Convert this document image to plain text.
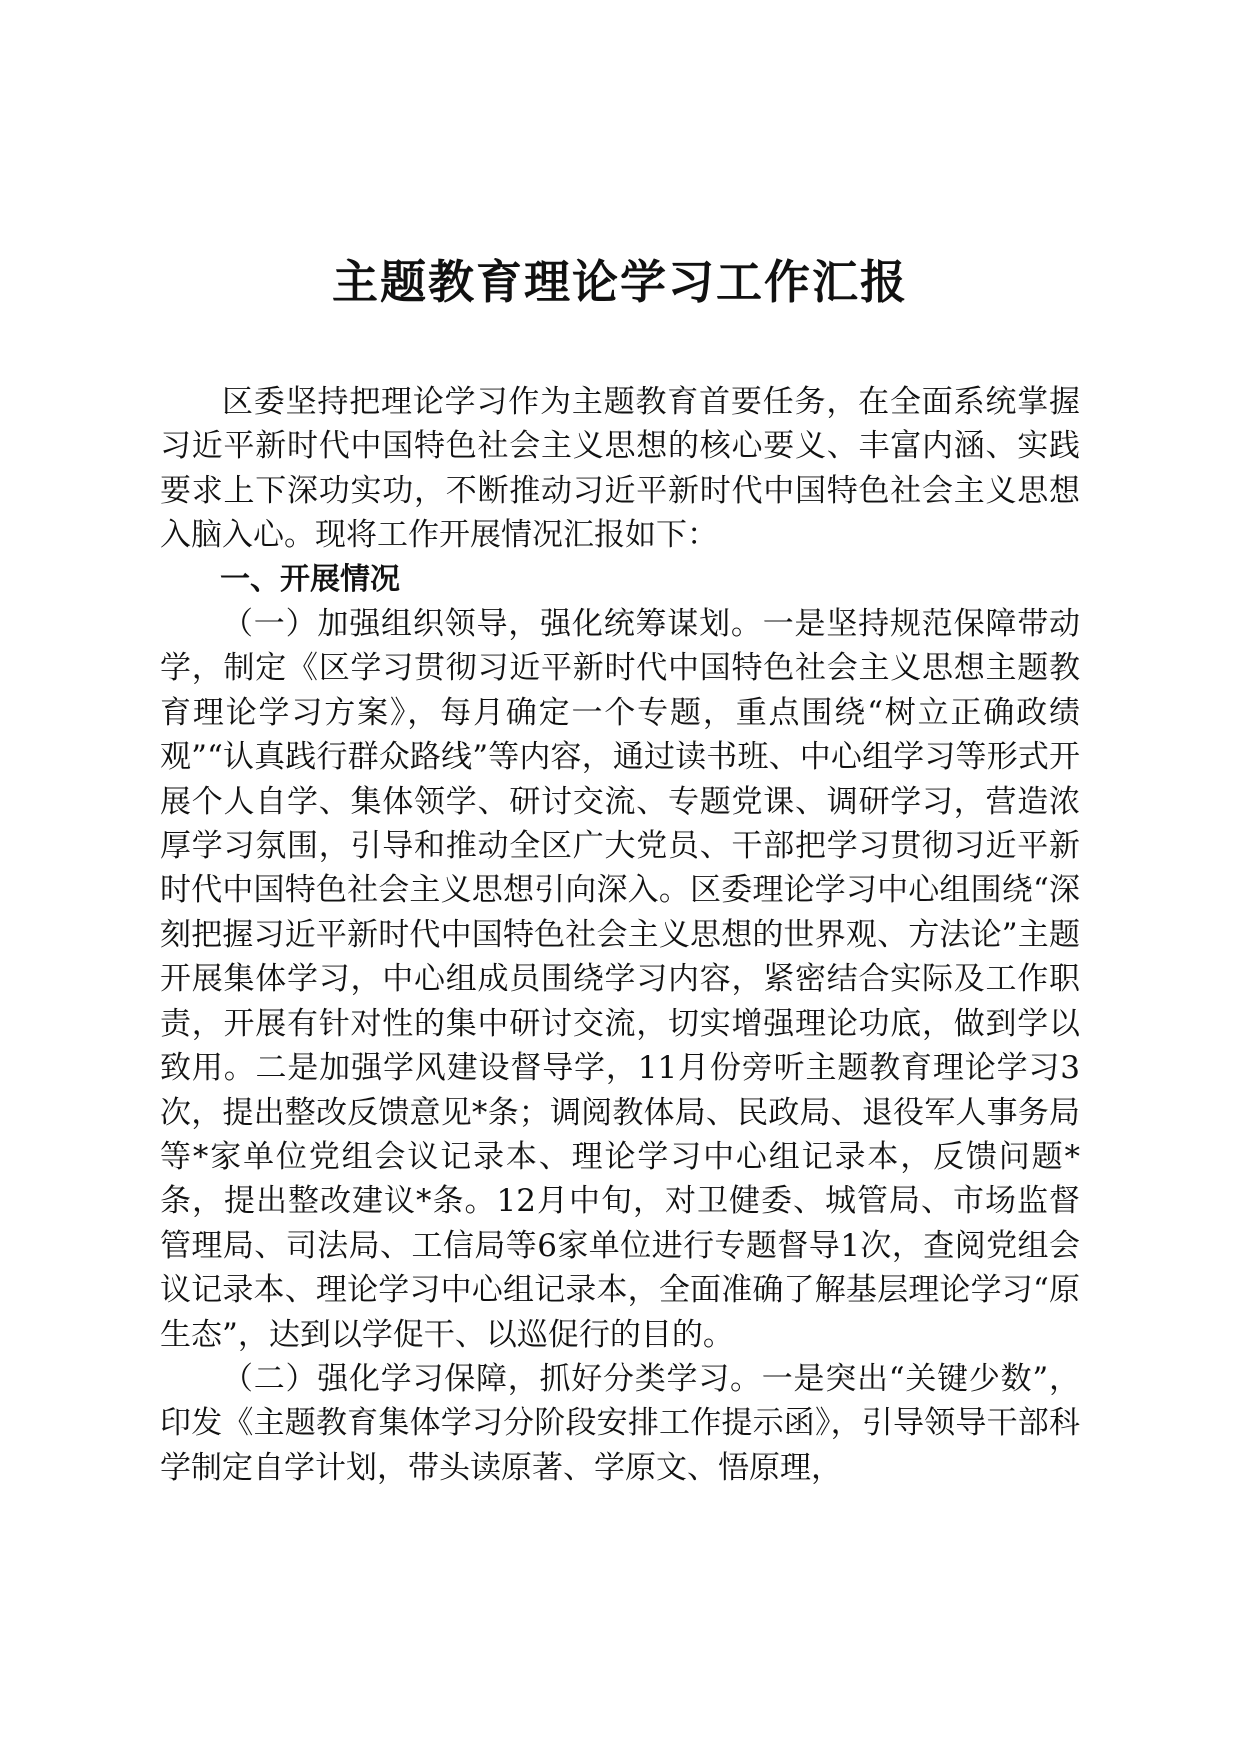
主题教育理论学习工作汇报

区委坚持把理论学习作为主题教育首要任务，在全面系统掌握习近平新时代中国特色社会主义思想的核心要义、丰富内涵、实践要求上下深功实功，不断推动习近平新时代中国特色社会主义思想入脑入心。现将工作开展情况汇报如下：

一、开展情况

（一）加强组织领导，强化统筹谋划。一是坚持规范保障带动学，制定《区学习贯彻习近平新时代中国特色社会主义思想主题教育理论学习方案》，每月确定一个专题，重点围绕“树立正确政绩观”“认真践行群众路线”等内容，通过读书班、中心组学习等形式开展个人自学、集体领学、研讨交流、专题党课、调研学习，营造浓厚学习氛围，引导和推动全区广大党员、干部把学习贯彻习近平新时代中国特色社会主义思想引向深入。区委理论学习中心组围绕“深刻把握习近平新时代中国特色社会主义思想的世界观、方法论”主题开展集体学习，中心组成员围绕学习内容，紧密结合实际及工作职责，开展有针对性的集中研讨交流，切实增强理论功底，做到学以致用。二是加强学风建设督导学，11月份旁听主题教育理论学习3次，提出整改反馈意见*条；调阅教体局、民政局、退役军人事务局等*家单位党组会议记录本、理论学习中心组记录本，反馈问题*条，提出整改建议*条。12月中旬，对卫健委、城管局、市场监督管理局、司法局、工信局等6家单位进行专题督导1次，查阅党组会议记录本、理论学习中心组记录本，全面准确了解基层理论学习“原生态”，达到以学促干、以巡促行的目的。

（二）强化学习保障，抓好分类学习。一是突出“关键少数”，印发《主题教育集体学习分阶段安排工作提示函》，引导领导干部科学制定自学计划，带头读原著、学原文、悟原理，
